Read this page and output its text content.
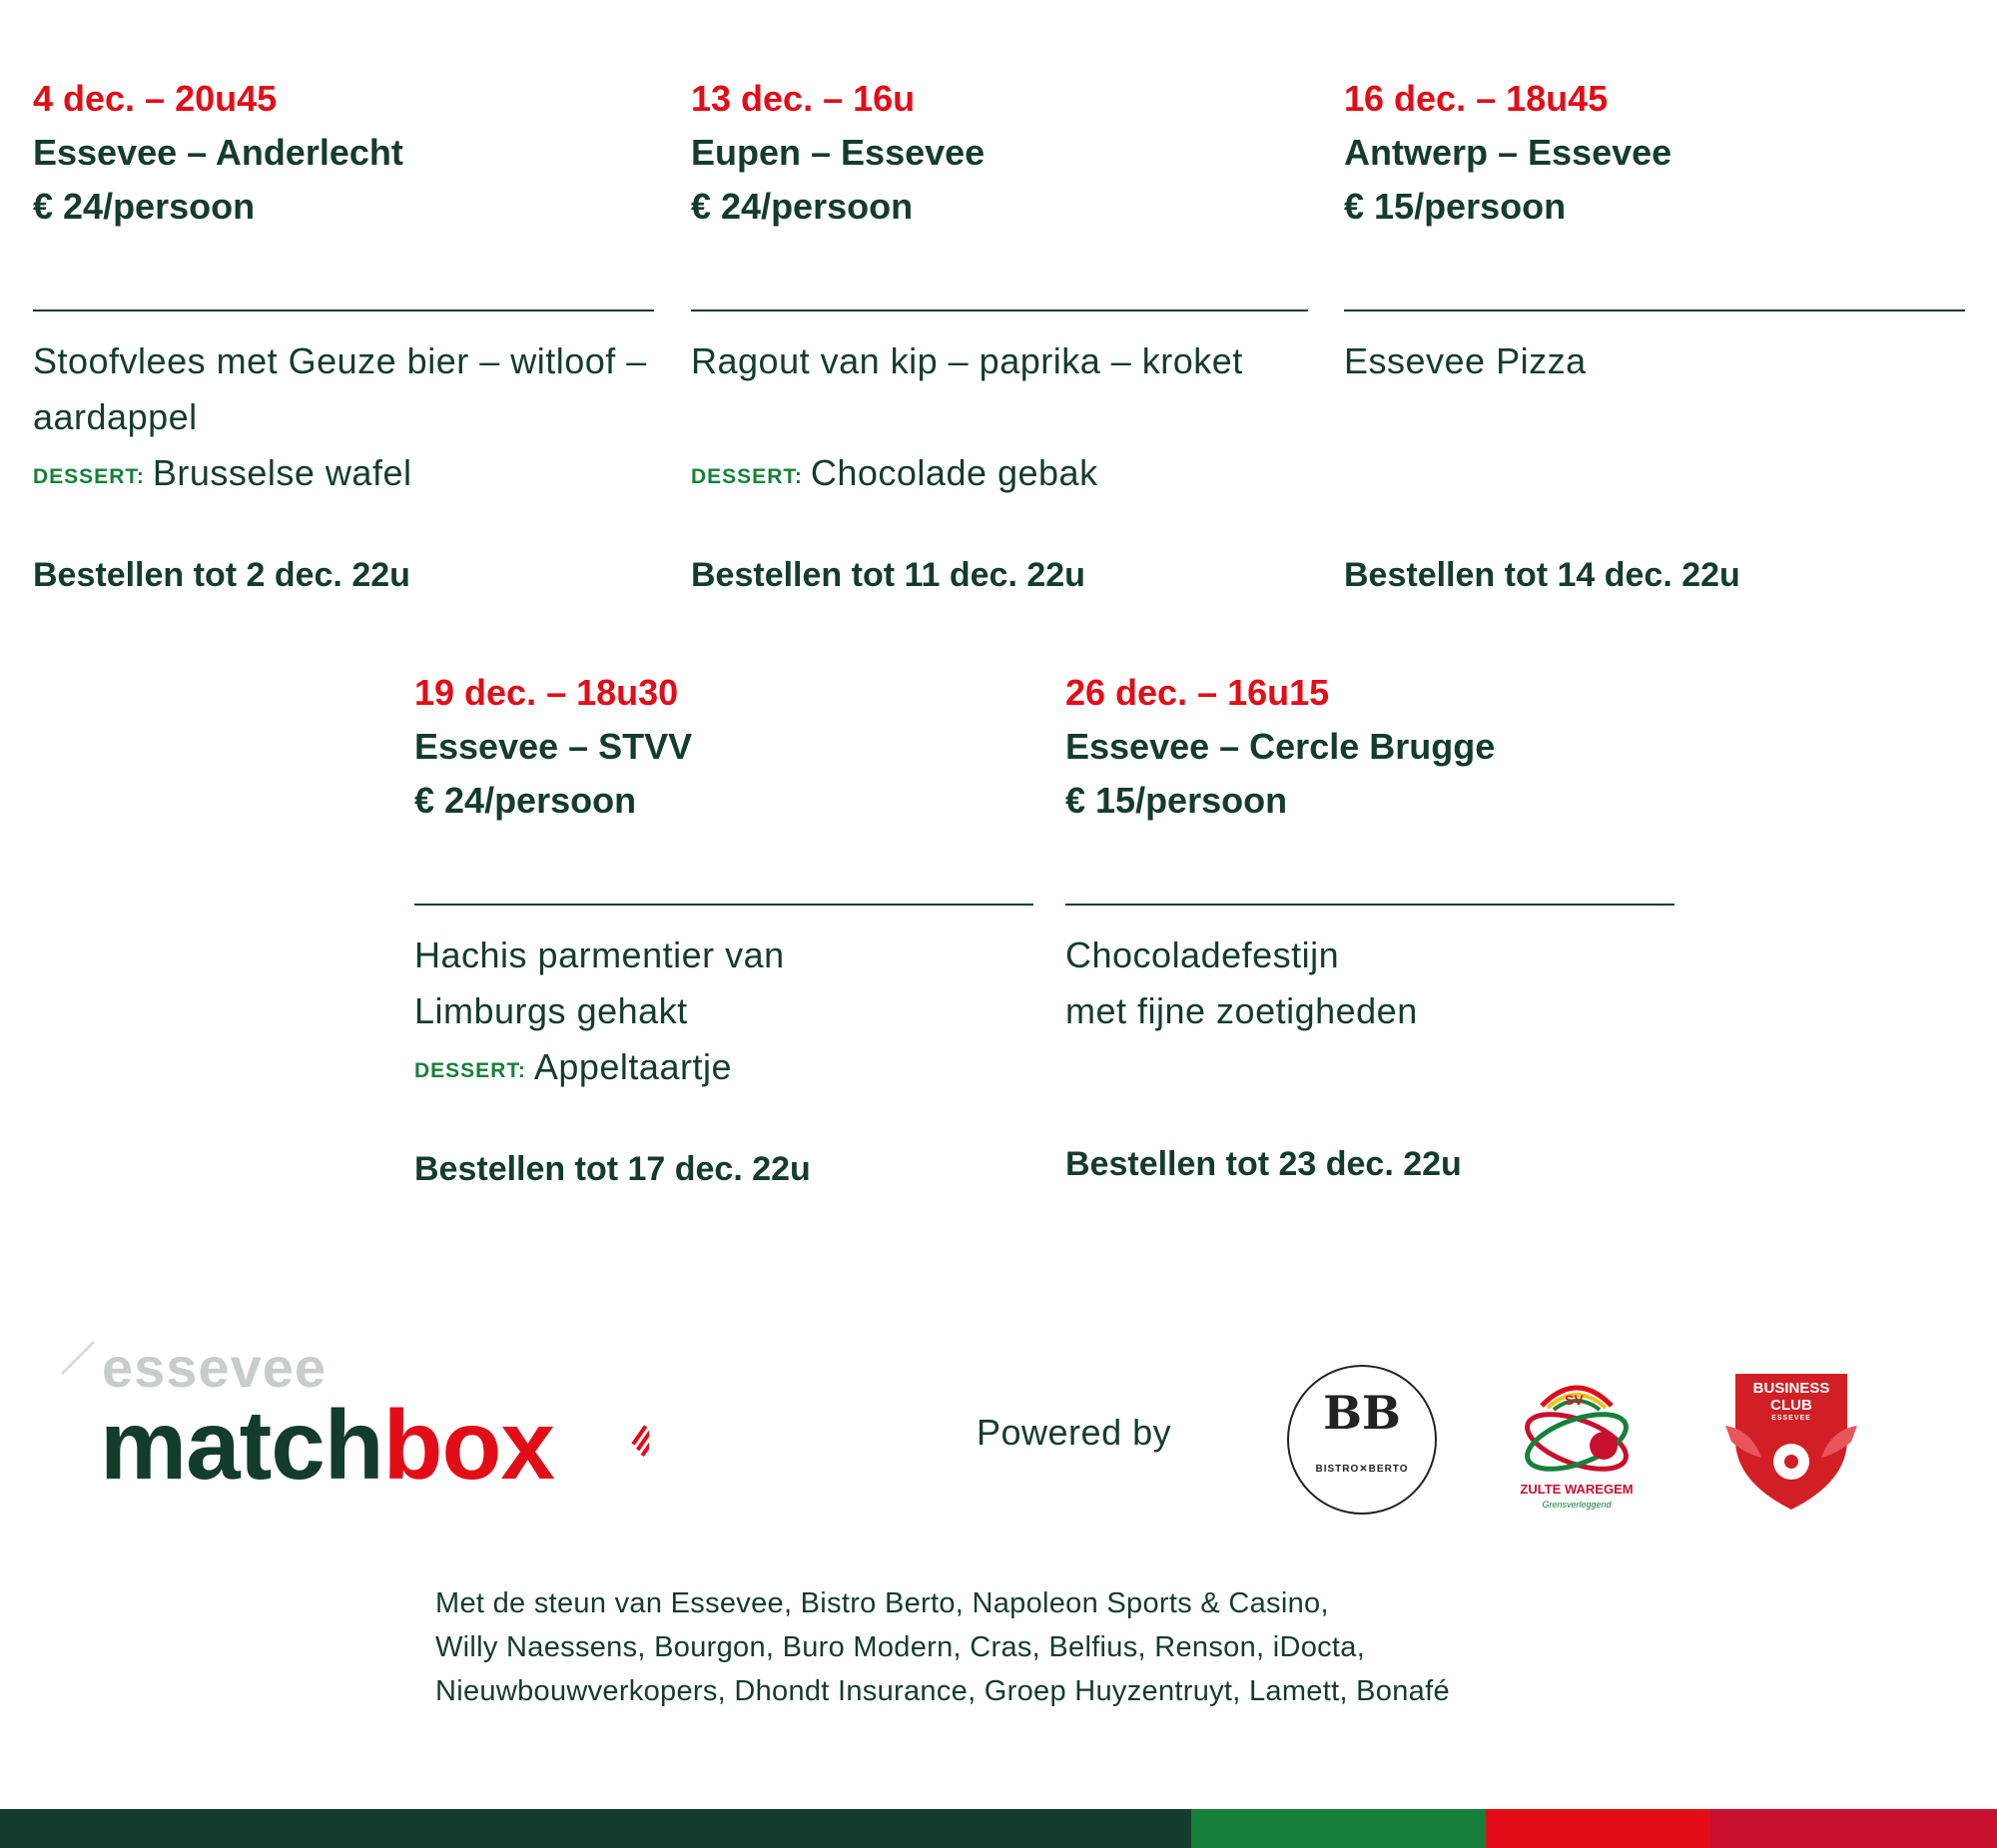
4 dec. – 20u45
Essevee – Anderlecht
€ 24/persoon
Stoofvlees met Geuze bier – witloof – aardappel
DESSERT: Brusselse wafel
Bestellen tot 2 dec. 22u
13 dec. – 16u
Eupen – Essevee
€ 24/persoon
Ragout van kip – paprika – kroket
DESSERT: Chocolade gebak
Bestellen tot 11 dec. 22u
16 dec. – 18u45
Antwerp – Essevee
€ 15/persoon
Essevee Pizza
Bestellen tot 14 dec. 22u
19 dec. – 18u30
Essevee – STVV
€ 24/persoon
Hachis parmentier van Limburgs gehakt
DESSERT: Appeltaartje
Bestellen tot 17 dec. 22u
26 dec. – 16u15
Essevee – Cercle Brugge
€ 15/persoon
Chocoladefestijn
met fijne zoetigheden
Bestellen tot 23 dec. 22u
essevee
matchbox	Powered by	BB
BISTRO✕BERTO
SV
ZULTE WAREGEM
Grensverleggend
BUSINESS
CLUB
ESSEVEE
Met de steun van Essevee, Bistro Berto, Napoleon Sports & Casino,
Willy Naessens, Bourgon, Buro Modern, Cras, Belfius, Renson, iDocta,
Nieuwbouwverkopers, Dhondt Insurance, Groep Huyzentruyt, Lamett, Bonafé
